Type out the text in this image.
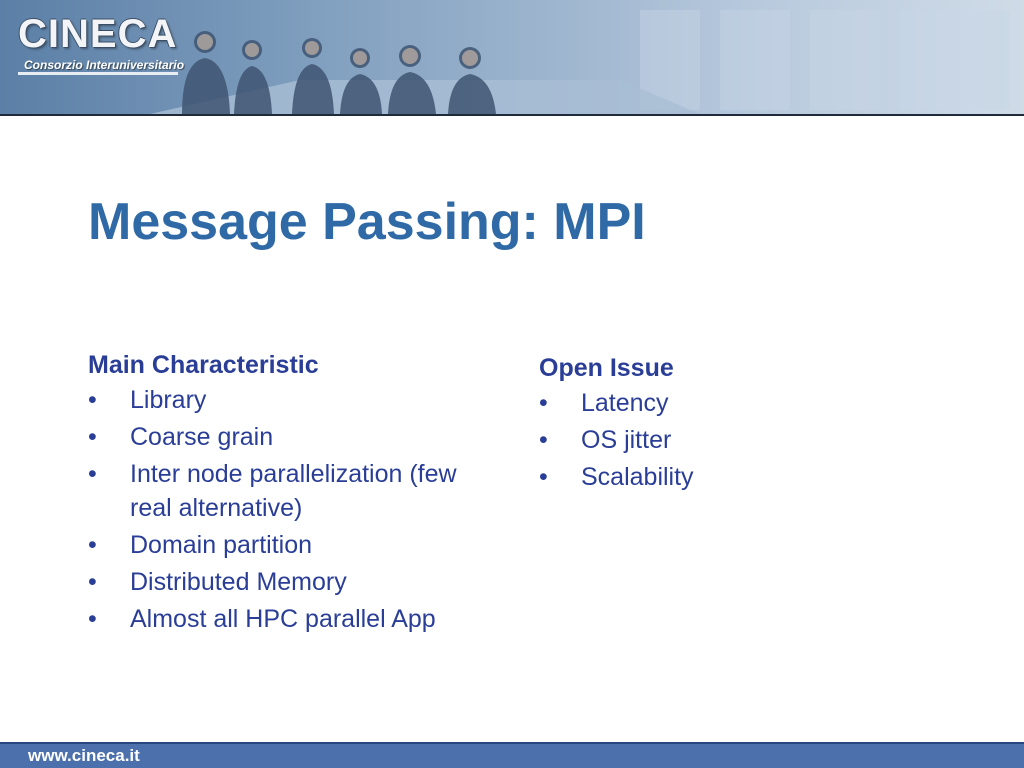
CINECA
Consorzio Interuniversitario
Message Passing: MPI

Main Characteristic

•	Library
•	Coarse grain
•	Inter node parallelization (few real alternative)
•	Domain partition
•	Distributed Memory
•	Almost all HPC parallel App

Open Issue

•	Latency
•	OS jitter
•	Scalability
www.cineca.it
